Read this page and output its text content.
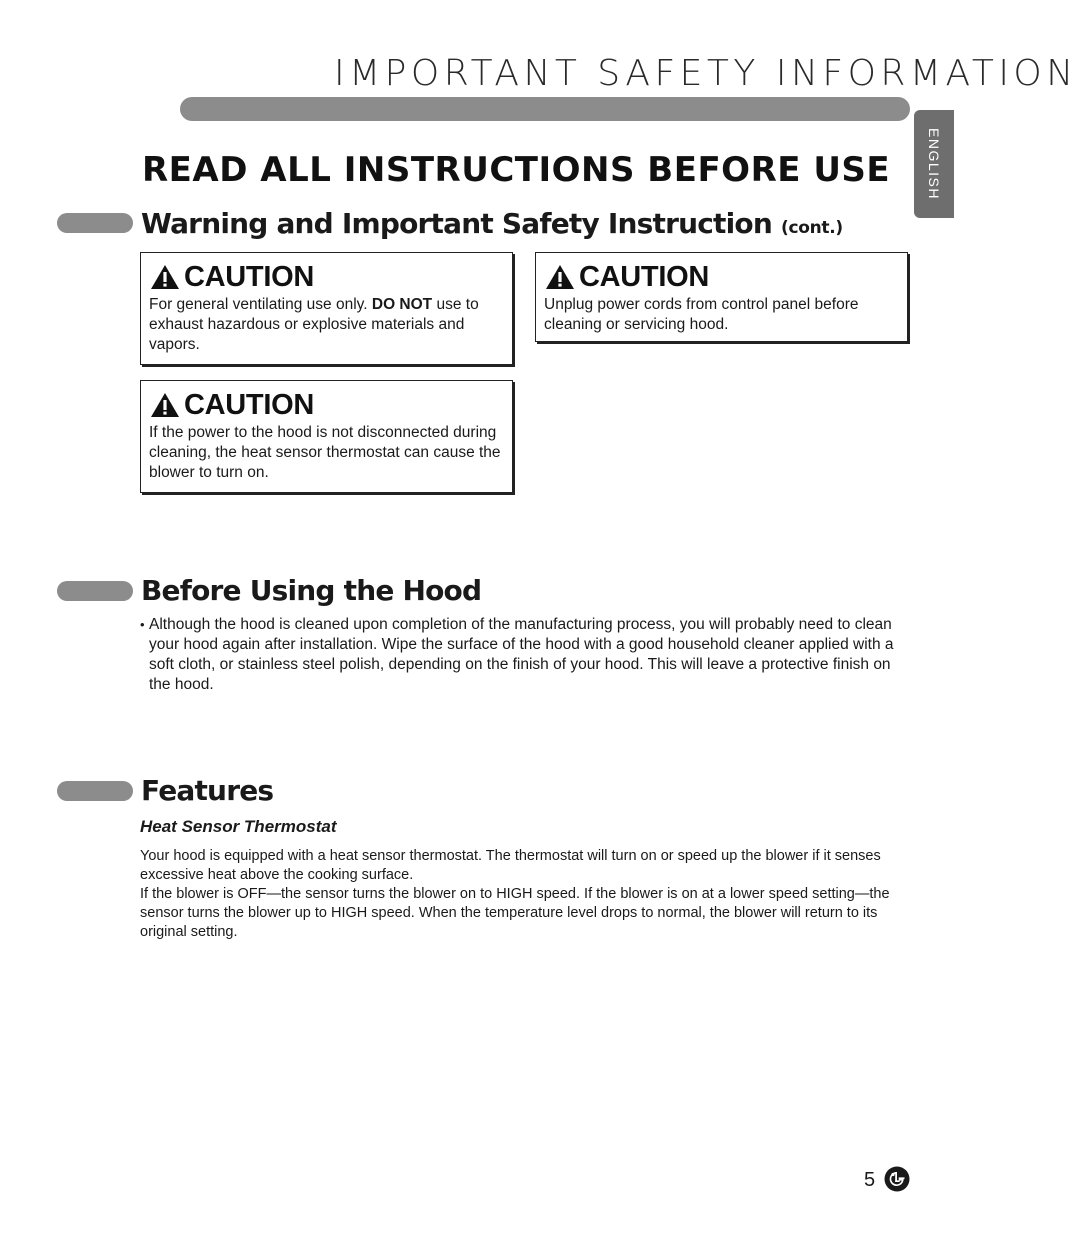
IMPORTANT SAFETY INFORMATION
ENGLISH
READ ALL INSTRUCTIONS BEFORE USE
Warning and Important Safety Instruction (cont.)
CAUTION
For general ventilating use only. DO NOT use to exhaust hazardous or explosive materials and vapors.
CAUTION
Unplug power cords from control panel before cleaning or servicing hood.
CAUTION
If the power to the hood is not disconnected during cleaning, the heat sensor thermostat can cause the blower to turn on.
Before Using the Hood
• Although the hood is cleaned upon completion of the manufacturing process, you will probably need to clean your hood again after installation. Wipe the surface of the hood with a good household cleaner applied with a soft cloth, or stainless steel polish, depending on the finish of your hood. This will leave a protective finish on the hood.
Features
Heat Sensor Thermostat
Your hood is equipped with a heat sensor thermostat. The thermostat will turn on or speed up the blower if it senses excessive heat above the cooking surface.
If the blower is OFF—the sensor turns the blower on to HIGH speed. If the blower is on at a lower speed setting—the sensor turns the blower up to HIGH speed. When the temperature level drops to normal, the blower will return to its original setting.
5
